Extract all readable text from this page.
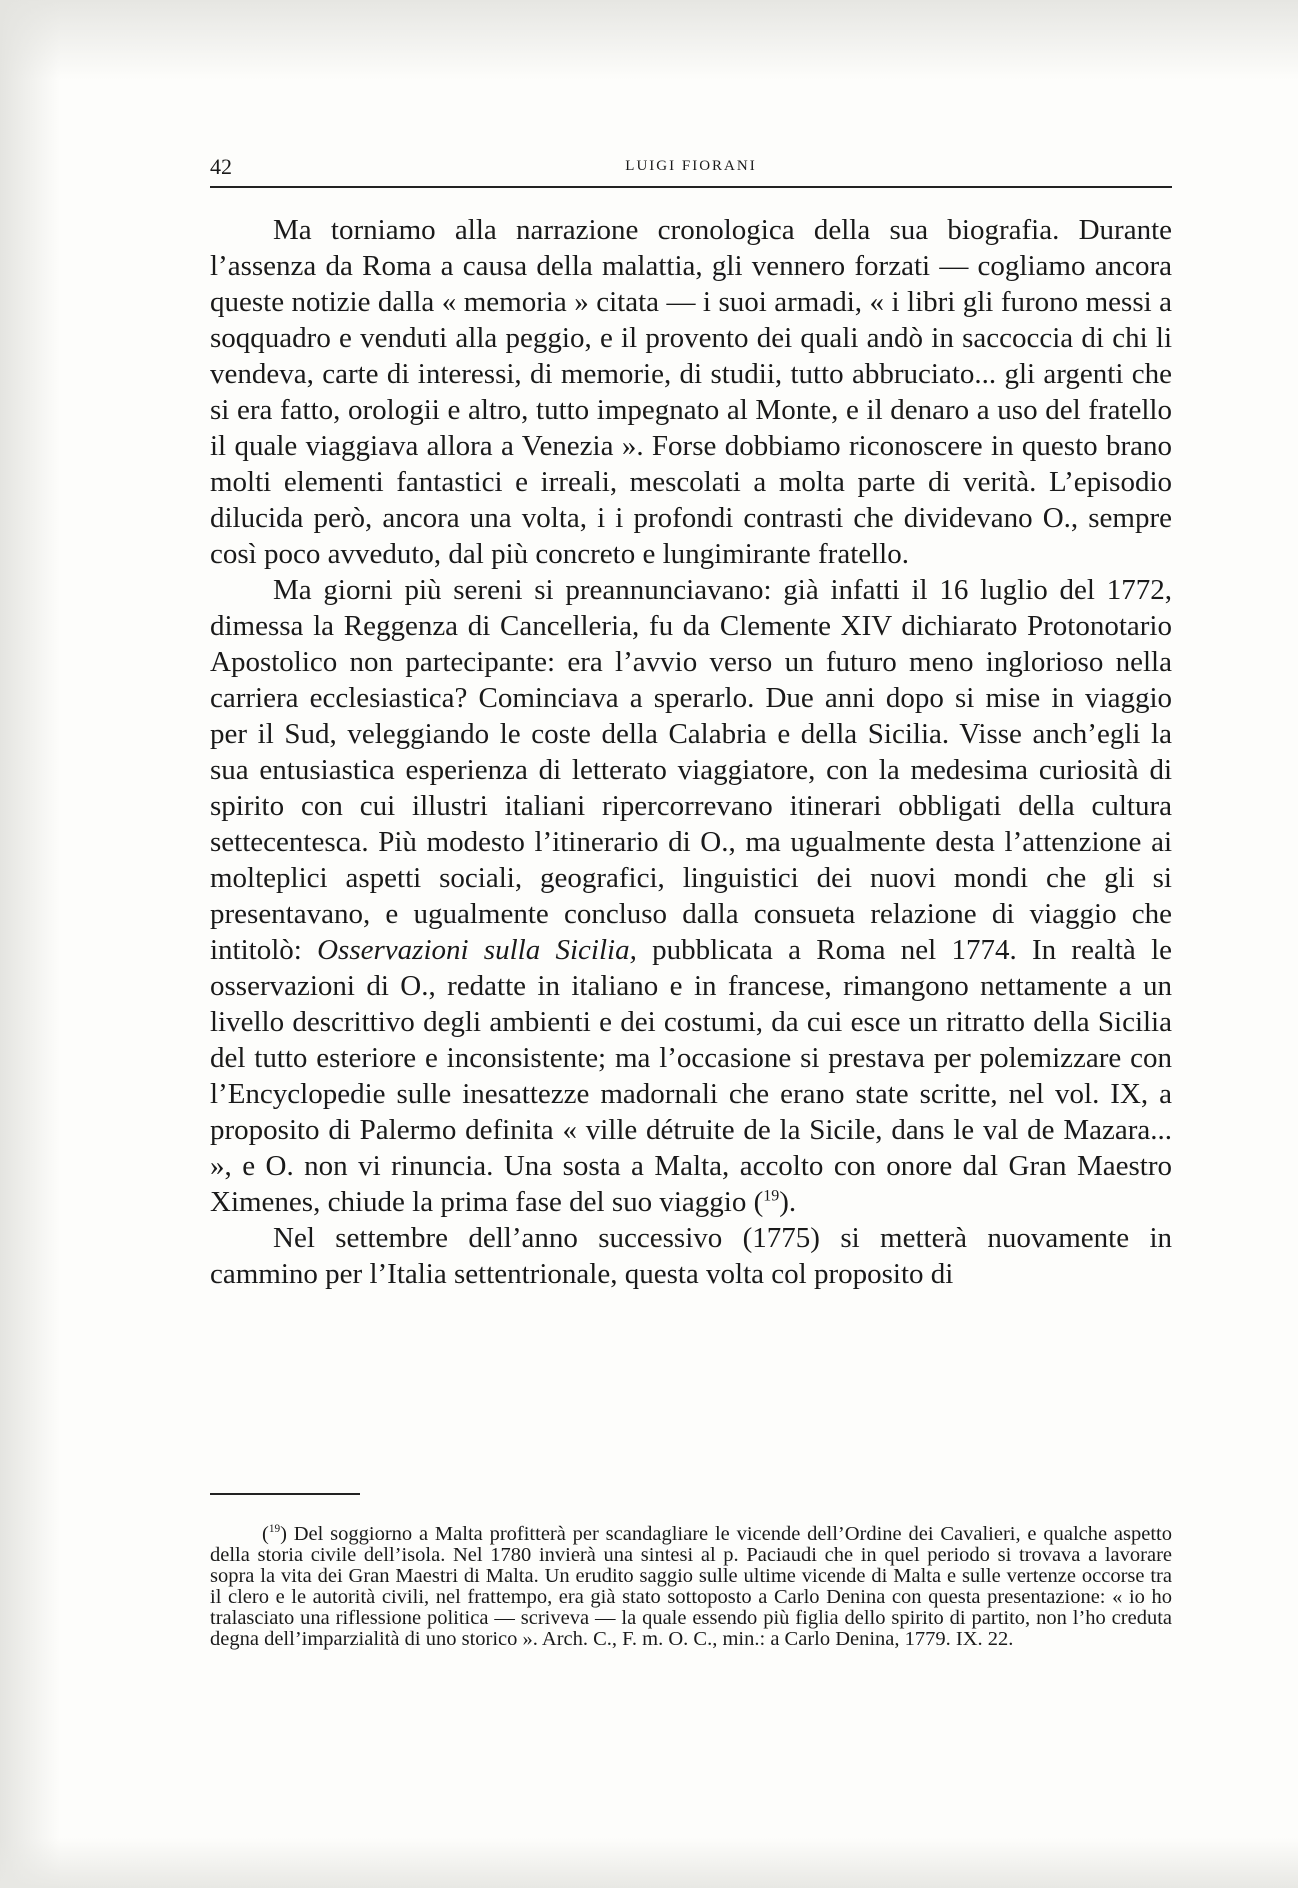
42	LUIGI FIORANI

Ma torniamo alla narrazione cronologica della sua biografia. Durante l’assenza da Roma a causa della malattia, gli vennero forzati — cogliamo ancora queste notizie dalla « memoria » citata — i suoi armadi, « i libri gli furono messi a soqquadro e venduti alla peggio, e il provento dei quali andò in saccoccia di chi li vendeva, carte di interessi, di memorie, di studii, tutto abbruciato... gli argenti che si era fatto, orologii e altro, tutto impegnato al Monte, e il denaro a uso del fratello il quale viaggiava allora a Venezia ». Forse dobbiamo riconoscere in questo brano molti elementi fantastici e irreali, mescolati a molta parte di verità. L’episodio dilucida però, ancora una volta, i i profondi contrasti che dividevano O., sempre così poco avveduto, dal più concreto e lungimirante fratello.

Ma giorni più sereni si preannunciavano: già infatti il 16 luglio del 1772, dimessa la Reggenza di Cancelleria, fu da Clemente XIV dichiarato Protonotario Apostolico non partecipante: era l’avvio verso un futuro meno inglorioso nella carriera ecclesiastica? Cominciava a sperarlo. Due anni dopo si mise in viaggio per il Sud, veleggiando le coste della Calabria e della Sicilia. Visse anch’egli la sua entusiastica esperienza di letterato viaggiatore, con la medesima curiosità di spirito con cui illustri italiani ripercorrevano itinerari obbligati della cultura settecentesca. Più modesto l’itinerario di O., ma ugualmente desta l’attenzione ai molteplici aspetti sociali, geografici, linguistici dei nuovi mondi che gli si presentavano, e ugualmente concluso dalla consueta relazione di viaggio che intitolò: Osservazioni sulla Sicilia, pubblicata a Roma nel 1774. In realtà le osservazioni di O., redatte in italiano e in francese, rimangono nettamente a un livello descrittivo degli ambienti e dei costumi, da cui esce un ritratto della Sicilia del tutto esteriore e inconsistente; ma l’occasione si prestava per polemizzare con l’Encyclopedie sulle inesattezze madornali che erano state scritte, nel vol. IX, a proposito di Palermo definita « ville détruite de la Sicile, dans le val de Mazara... », e O. non vi rinuncia. Una sosta a Malta, accolto con onore dal Gran Maestro Ximenes, chiude la prima fase del suo viaggio ($^{19}$).

Nel settembre dell’anno successivo (1775) si metterà nuovamente in cammino per l’Italia settentrionale, questa volta col proposito di

($^{19}$) Del soggiorno a Malta profitterà per scandagliare le vicende dell’Ordine dei Cavalieri, e qualche aspetto della storia civile dell’isola. Nel 1780 invierà una sintesi al p. Paciaudi che in quel periodo si trovava a lavorare sopra la vita dei Gran Maestri di Malta. Un erudito saggio sulle ultime vicende di Malta e sulle vertenze occorse tra il clero e le autorità civili, nel frattempo, era già stato sottoposto a Carlo Denina con questa presentazione: « io ho tralasciato una riflessione politica — scriveva — la quale essendo più figlia dello spirito di partito, non l’ho creduta degna dell’imparzialità di uno storico ». Arch. C., F. m. O. C., min.: a Carlo Denina, 1779. IX. 22.
